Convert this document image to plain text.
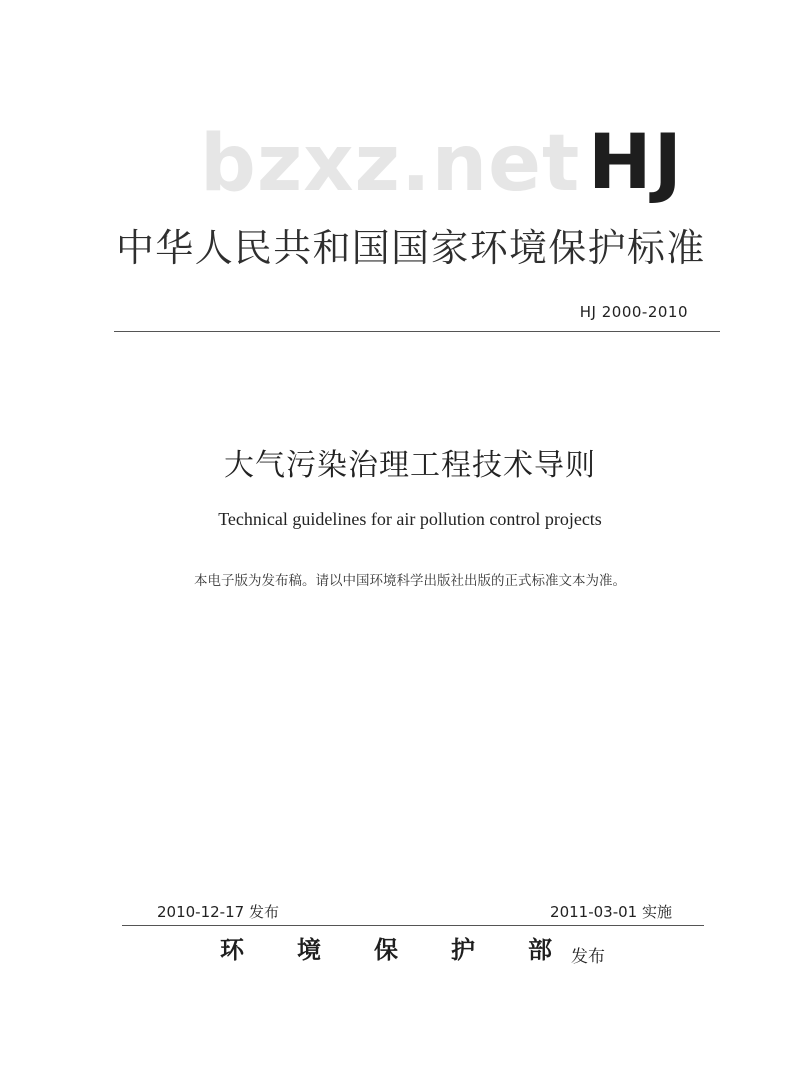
bzxz.net HJ
中华人民共和国国家环境保护标准
HJ 2000-2010
大气污染治理工程技术导则
Technical guidelines for air pollution control projects
本电子版为发布稿。请以中国环境科学出版社出版的正式标准文本为准。
2010-12-17 发布	2011-03-01 实施
环 境 保 护 部 发布
